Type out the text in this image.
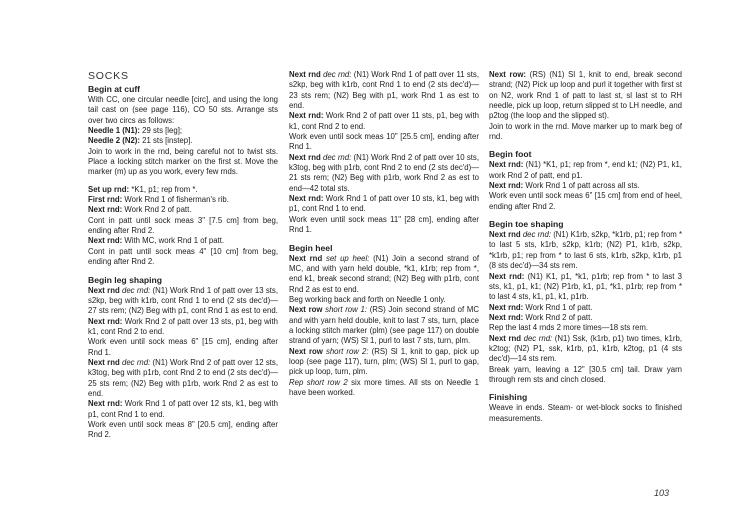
SOCKS
Begin at cuff

With CC, one circular needle [circ], and using the long tail cast on (see page 116), CO 50 sts. Arrange sts over two circs as follows:

Needle 1 (N1): 29 sts [leg];

Needle 2 (N2): 21 sts [instep].

Join to work in the rnd, being careful not to twist sts. Place a locking stitch marker on the first st. Move the marker (m) up as you work, every few rnds.

Set up rnd: *K1, p1; rep from *.

First rnd: Work Rnd 1 of fisherman's rib.

Next rnd: Work Rnd 2 of patt.

Cont in patt until sock meas 3" [7.5 cm] from beg, ending after Rnd 2.

Next rnd: With MC, work Rnd 1 of patt.

Cont in patt until sock meas 4" [10 cm] from beg, ending after Rnd 2.

Begin leg shaping

Next rnd dec rnd: (N1) Work Rnd 1 of patt over 13 sts, s2kp, beg with k1rb, cont Rnd 1 to end (2 sts dec'd)—27 sts rem; (N2) Beg with p1, cont Rnd 1 as est to end.

Next rnd: Work Rnd 2 of patt over 13 sts, p1, beg with k1, cont Rnd 2 to end.

Work even until sock meas 6" [15 cm], ending after Rnd 1.

Next rnd dec rnd: (N1) Work Rnd 2 of patt over 12 sts, k3tog, beg with p1rb, cont Rnd 2 to end (2 sts dec'd)—25 sts rem; (N2) Beg with p1rb, work Rnd 2 as est to end.

Next rnd: Work Rnd 1 of patt over 12 sts, k1, beg with p1, cont Rnd 1 to end.

Work even until sock meas 8" [20.5 cm], ending after Rnd 2.

Next rnd dec rnd: (N1) Work Rnd 1 of patt over 11 sts, s2kp, beg with k1rb, cont Rnd 1 to end (2 sts dec'd)—23 sts rem; (N2) Beg with p1, work Rnd 1 as est to end.

Next rnd: Work Rnd 2 of patt over 11 sts, p1, beg with k1, cont Rnd 2 to end.

Work even until sock meas 10" [25.5 cm], ending after Rnd 1.

Next rnd dec rnd: (N1) Work Rnd 2 of patt over 10 sts, k3tog, beg with p1rb, cont Rnd 2 to end (2 sts dec'd)—21 sts rem; (N2) Beg with p1rb, work Rnd 2 as est to end—42 total sts.

Next rnd: Work Rnd 1 of patt over 10 sts, k1, beg with p1, cont Rnd 1 to end.

Work even until sock meas 11" [28 cm], ending after Rnd 1.

Begin heel

Next rnd set up heel: (N1) Join a second strand of MC, and with yarn held double, *k1, k1rb; rep from *, end k1, break second strand; (N2) Beg with p1rb, cont Rnd 2 as est to end.

Beg working back and forth on Needle 1 only.

Next row short row 1: (RS) Join second strand of MC and with yarn held double, knit to last 7 sts, turn, place a locking stitch marker (plm) (see page 117) on double strand of yarn; (WS) Sl 1, purl to last 7 sts, turn, plm.

Next row short row 2: (RS) Sl 1, knit to gap, pick up loop (see page 117), turn, plm; (WS) Sl 1, purl to gap, pick up loop, turn, plm.

Rep short row 2 six more times. All sts on Needle 1 have been worked.

Next row: (RS) (N1) Sl 1, knit to end, break second strand; (N2) Pick up loop and purl it together with first st on N2, work Rnd 1 of patt to last st, sl last st to RH needle, pick up loop, return slipped st to LH needle, and p2tog (the loop and the slipped st).

Join to work in the rnd. Move marker up to mark beg of rnd.

Begin foot

Next rnd: (N1) *K1, p1; rep from *, end k1; (N2) P1, k1, work Rnd 2 of patt, end p1.

Next rnd: Work Rnd 1 of patt across all sts.

Work even until sock meas 6" [15 cm] from end of heel, ending after Rnd 2.

Begin toe shaping

Next rnd dec rnd: (N1) K1rb, s2kp, *k1rb, p1; rep from * to last 5 sts, k1rb, s2kp, k1rb; (N2) P1, k1rb, s2kp, *k1rb, p1; rep from * to last 6 sts, k1rb, s2kp, k1rb, p1 (8 sts dec'd)—34 sts rem.

Next rnd: (N1) K1, p1, *k1, p1rb; rep from * to last 3 sts, k1, p1, k1; (N2) P1rb, k1, p1, *k1, p1rb; rep from * to last 4 sts, k1, p1, k1, p1rb.

Next rnd: Work Rnd 1 of patt.

Next rnd: Work Rnd 2 of patt.

Rep the last 4 rnds 2 more times—18 sts rem.

Next rnd dec rnd: (N1) Ssk, (k1rb, p1) two times, k1rb, k2tog; (N2) P1, ssk, k1rb, p1, k1rb, k2tog, p1 (4 sts dec'd)—14 sts rem.

Break yarn, leaving a 12" [30.5 cm] tail. Draw yarn through rem sts and cinch closed.

Finishing

Weave in ends. Steam- or wet-block socks to finished measurements.

103
